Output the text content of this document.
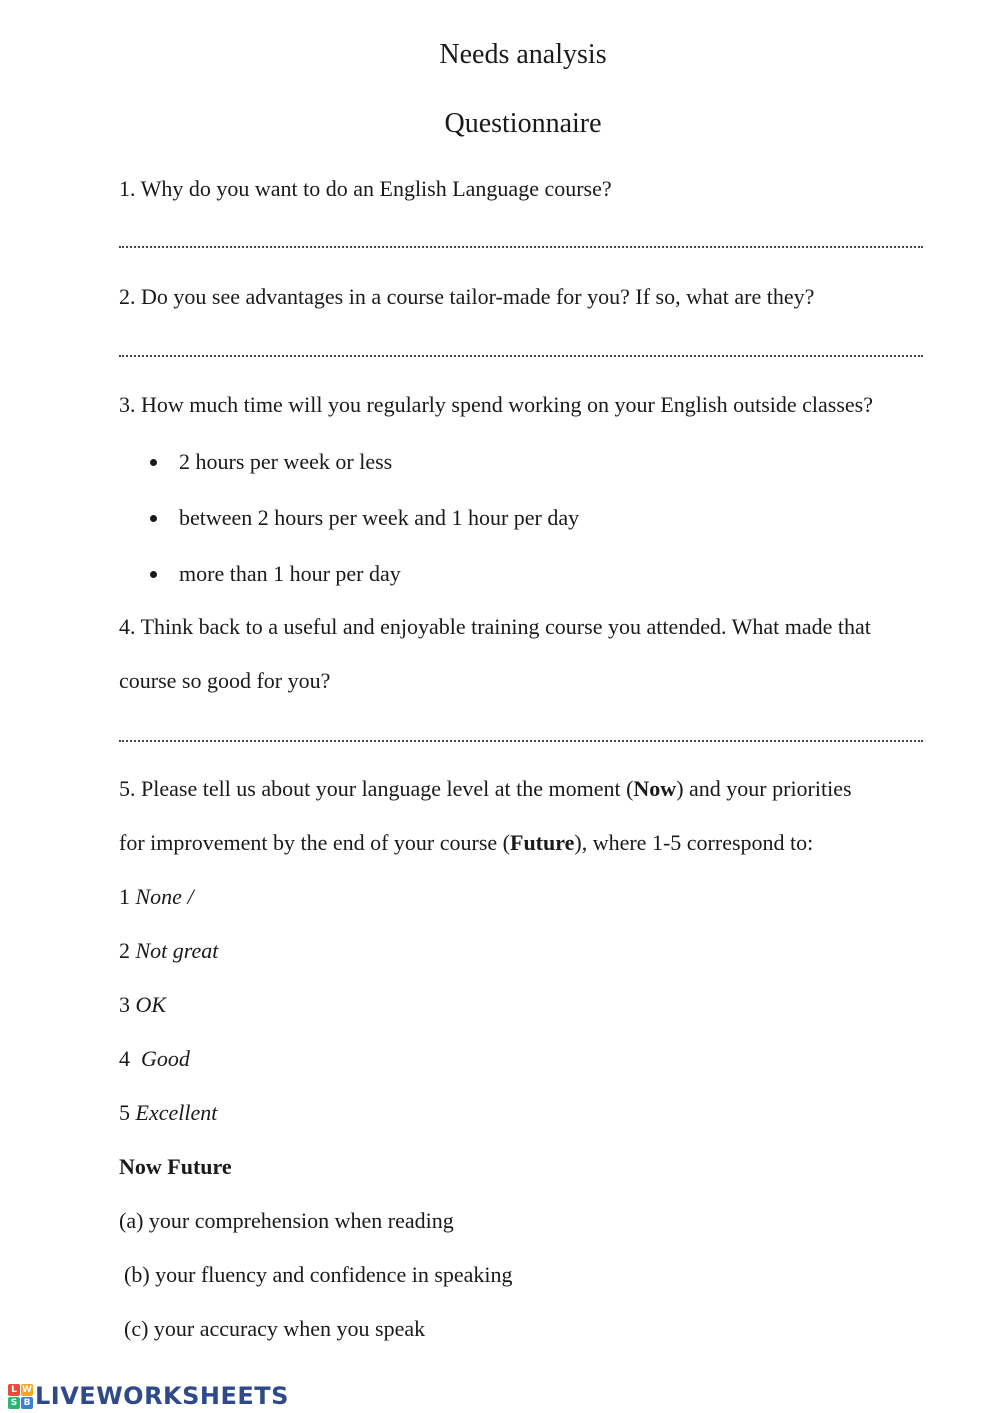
Needs analysis
Questionnaire
1. Why do you want to do an English Language course?
2. Do you see advantages in a course tailor-made for you? If so, what are they?
3. How much time will you regularly spend working on your English outside classes?
2 hours per week or less
between 2 hours per week and 1 hour per day
more than 1 hour per day
4. Think back to a useful and enjoyable training course you attended. What made that
course so good for you?
5. Please tell us about your language level at the moment (Now) and your priorities
for improvement by the end of your course (Future), where 1-5 correspond to:
1 None /
2 Not great
3 OK
4 Good
5 Excellent
Now Future
(a) your comprehension when reading
(b) your fluency and confidence in speaking
(c) your accuracy when you speak
L W
S B LIVEWORKSHEETS
